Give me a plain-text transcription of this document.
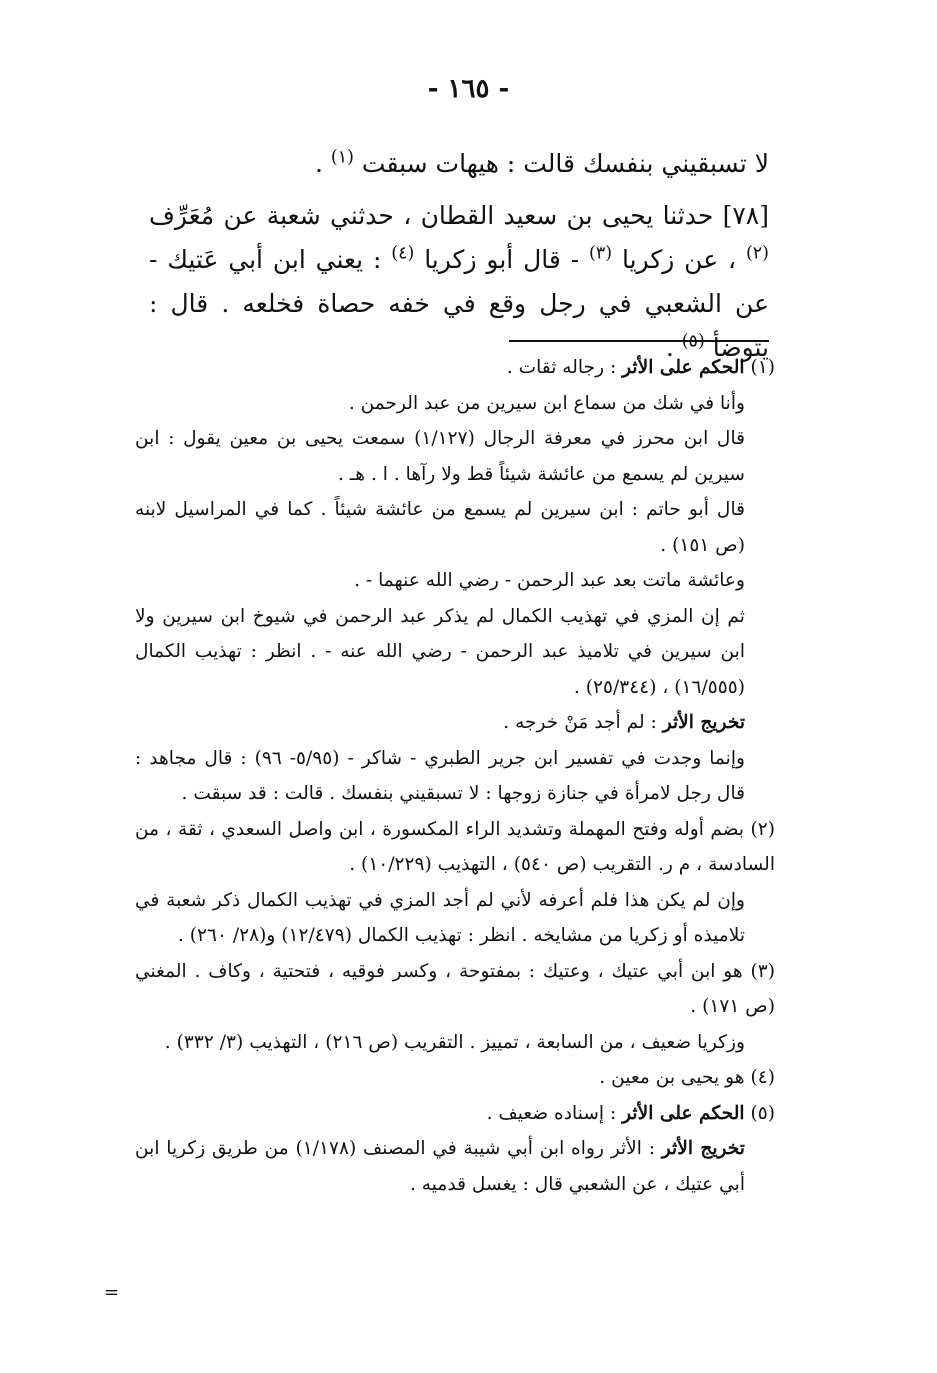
- ١٦٥ -

لا تسبقيني بنفسك قالت : هيهات سبقت $^{(١)}$ .

[٧٨] حدثنا يحيى بن سعيد القطان ، حدثني شعبة عن مُعَرِّف $^{(٢)}$ ، عن زكريا $^{(٣)}$ - قال أبو زكريا $^{(٤)}$ : يعني ابن أبي عَتيك - عن الشعبي في رجل وقع في خفه حصاة فخلعه . قال : يتوضأ $^{(٥)}$ .

(١) الحكم على الأثر : رجاله ثقات .

وأنا في شك من سماع ابن سيرين من عبد الرحمن .

قال ابن محرز في معرفة الرجال (١/١٢٧) سمعت يحيى بن معين يقول : ابن سيرين لم يسمع من عائشة شيئاً قط ولا رآها . ا . هـ .

قال أبو حاتم : ابن سيرين لم يسمع من عائشة شيئاً . كما في المراسيل لابنه (ص ١٥١) .

وعائشة ماتت بعد عبد الرحمن - رضي الله عنهما - .

ثم إن المزي في تهذيب الكمال لم يذكر عبد الرحمن في شيوخ ابن سيرين ولا ابن سيرين في تلاميذ عبد الرحمن - رضي الله عنه - . انظر : تهذيب الكمال (١٦/٥٥٥) ، (٢٥/٣٤٤) .

تخريج الأثر : لم أجد مَنْ خرجه .

وإنما وجدت في تفسير ابن جرير الطبري - شاكر - (٥/٩٥- ٩٦) : قال مجاهد : قال رجل لامرأة في جنازة زوجها : لا تسبقيني بنفسك . قالت : قد سبقت .

(٢) بضم أوله وفتح المهملة وتشديد الراء المكسورة ، ابن واصل السعدي ، ثقة ، من السادسة ، م ر. التقريب (ص ٥٤٠) ، التهذيب (١٠/٢٢٩) .

وإن لم يكن هذا فلم أعرفه لأني لم أجد المزي في تهذيب الكمال ذكر شعبة في تلاميذه أو زكريا من مشايخه . انظر : تهذيب الكمال (١٢/٤٧٩) و(٢٨/ ٢٦٠) .

(٣) هو ابن أبي عتيك ، وعتيك : بمفتوحة ، وكسر فوقيه ، فتحتية ، وكاف . المغني (ص ١٧١) .

وزكريا ضعيف ، من السابعة ، تمييز . التقريب (ص ٢١٦) ، التهذيب (٣/ ٣٣٢) .

(٤) هو يحيى بن معين .

(٥) الحكم على الأثر : إسناده ضعيف .

تخريج الأثر : الأثر رواه ابن أبي شيبة في المصنف (١/١٧٨) من طريق زكريا ابن أبي عتيك ، عن الشعبي قال : يغسل قدميه .

=
